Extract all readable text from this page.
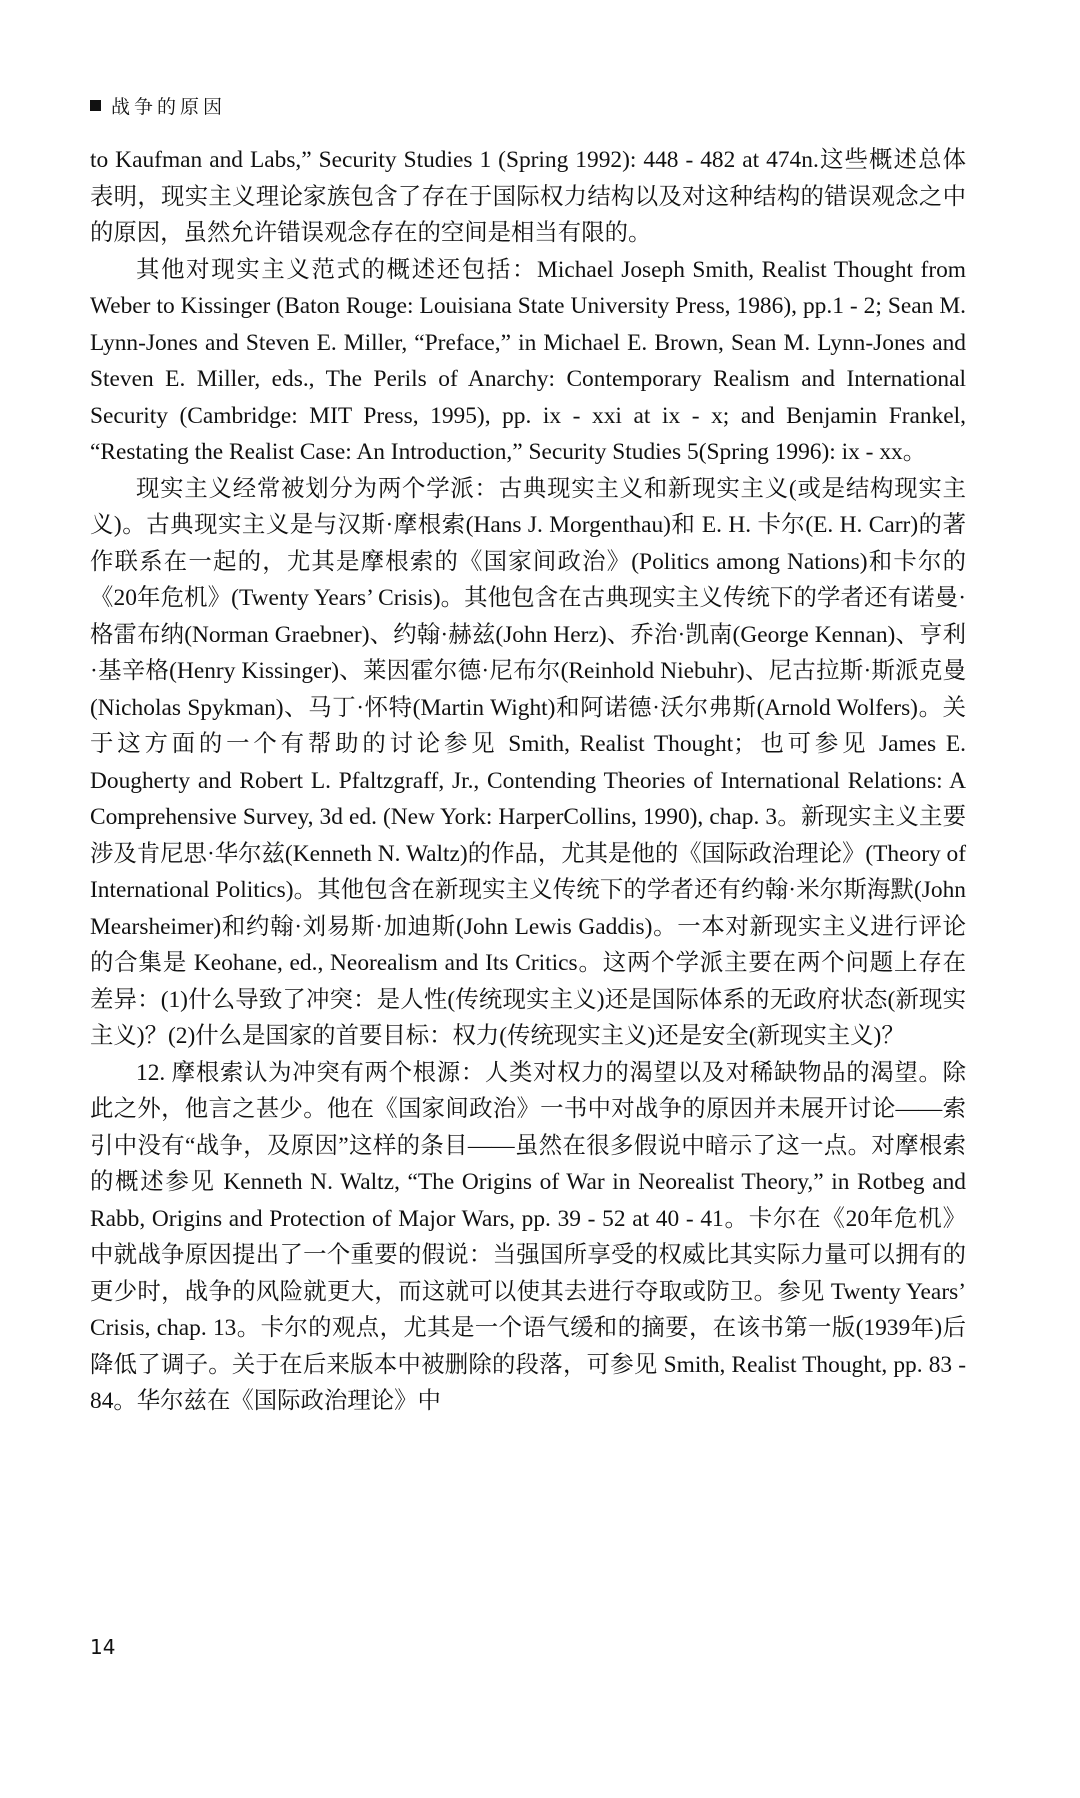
战争的原因

to Kaufman and Labs,” Security Studies 1 (Spring 1992): 448 - 482 at 474n.这些概述总体表明，现实主义理论家族包含了存在于国际权力结构以及对这种结构的错误观念之中的原因，虽然允许错误观念存在的空间是相当有限的。

其他对现实主义范式的概述还包括：Michael Joseph Smith, Realist Thought from Weber to Kissinger (Baton Rouge: Louisiana State University Press, 1986), pp.1 - 2; Sean M. Lynn-Jones and Steven E. Miller, “Preface,” in Michael E. Brown, Sean M. Lynn-Jones and Steven E. Miller, eds., The Perils of Anarchy: Contemporary Realism and International Security (Cambridge: MIT Press, 1995), pp. ix - xxi at ix - x; and Benjamin Frankel, “Restating the Realist Case: An Introduction,” Security Studies 5(Spring 1996): ix - xx。

现实主义经常被划分为两个学派：古典现实主义和新现实主义(或是结构现实主义)。古典现实主义是与汉斯·摩根索(Hans J. Morgenthau)和 E. H. 卡尔(E. H. Carr)的著作联系在一起的，尤其是摩根索的《国家间政治》(Politics among Nations)和卡尔的《20年危机》(Twenty Years’ Crisis)。其他包含在古典现实主义传统下的学者还有诺曼·格雷布纳(Norman Graebner)、约翰·赫兹(John Herz)、乔治·凯南(George Kennan)、亨利·基辛格(Henry Kissinger)、莱因霍尔德·尼布尔(Reinhold Niebuhr)、尼古拉斯·斯派克曼(Nicholas Spykman)、马丁·怀特(Martin Wight)和阿诺德·沃尔弗斯(Arnold Wolfers)。关于这方面的一个有帮助的讨论参见 Smith, Realist Thought；也可参见 James E. Dougherty and Robert L. Pfaltzgraff, Jr., Contending Theories of International Relations: A Comprehensive Survey, 3d ed. (New York: HarperCollins, 1990), chap. 3。新现实主义主要涉及肯尼思·华尔兹(Kenneth N. Waltz)的作品，尤其是他的《国际政治理论》(Theory of International Politics)。其他包含在新现实主义传统下的学者还有约翰·米尔斯海默(John Mearsheimer)和约翰·刘易斯·加迪斯(John Lewis Gaddis)。一本对新现实主义进行评论的合集是 Keohane, ed., Neorealism and Its Critics。这两个学派主要在两个问题上存在差异：(1)什么导致了冲突：是人性(传统现实主义)还是国际体系的无政府状态(新现实主义)？(2)什么是国家的首要目标：权力(传统现实主义)还是安全(新现实主义)？

12. 摩根索认为冲突有两个根源：人类对权力的渴望以及对稀缺物品的渴望。除此之外，他言之甚少。他在《国家间政治》一书中对战争的原因并未展开讨论——索引中没有“战争，及原因”这样的条目——虽然在很多假说中暗示了这一点。对摩根索的概述参见 Kenneth N. Waltz, “The Origins of War in Neorealist Theory,” in Rotbeg and Rabb, Origins and Protection of Major Wars, pp. 39 - 52 at 40 - 41。卡尔在《20年危机》中就战争原因提出了一个重要的假说：当强国所享受的权威比其实际力量可以拥有的更少时，战争的风险就更大，而这就可以使其去进行夺取或防卫。参见 Twenty Years’ Crisis, chap. 13。卡尔的观点，尤其是一个语气缓和的摘要，在该书第一版(1939年)后降低了调子。关于在后来版本中被删除的段落，可参见 Smith, Realist Thought, pp. 83 - 84。华尔兹在《国际政治理论》中

14
